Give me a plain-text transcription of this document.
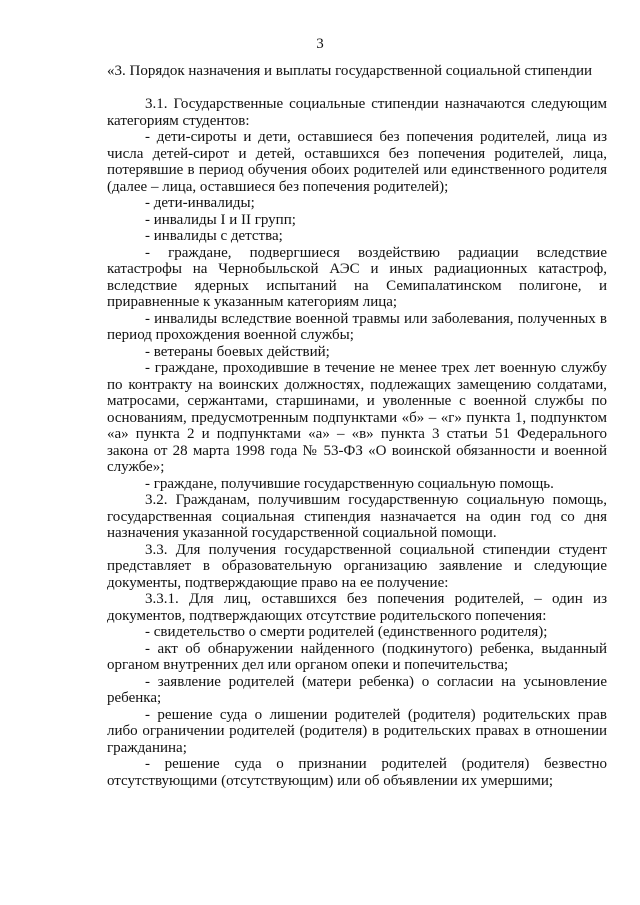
3
«3. Порядок назначения и выплаты государственной социальной стипендии

3.1. Государственные социальные стипендии назначаются следующим категориям студентов:

- дети-сироты и дети, оставшиеся без попечения родителей, лица из числа детей-сирот и детей, оставшихся без попечения родителей, лица, потерявшие в период обучения обоих родителей или единственного родителя (далее – лица, оставшиеся без попечения родителей);

- дети-инвалиды;

- инвалиды I и II групп;

- инвалиды с детства;

- граждане, подвергшиеся воздействию радиации вследствие катастрофы на Чернобыльской АЭС и иных радиационных катастроф, вследствие ядерных испытаний на Семипалатинском полигоне, и приравненные к указанным категориям лица;

- инвалиды вследствие военной травмы или заболевания, полученных в период прохождения военной службы;

- ветераны боевых действий;

- граждане, проходившие в течение не менее трех лет военную службу по контракту на воинских должностях, подлежащих замещению солдатами, матросами, сержантами, старшинами, и уволенные с военной службы по основаниям, предусмотренным подпунктами «б» – «г» пункта 1, подпунктом «а» пункта 2 и подпунктами «а» – «в» пункта 3 статьи 51 Федерального закона от 28 марта 1998 года № 53-ФЗ «О воинской обязанности и военной службе»;

- граждане, получившие государственную социальную помощь.

3.2. Гражданам, получившим государственную социальную помощь, государственная социальная стипендия назначается на один год со дня назначения указанной государственной социальной помощи.

3.3. Для получения государственной социальной стипендии студент представляет в образовательную организацию заявление и следующие документы, подтверждающие право на ее получение:

3.3.1. Для лиц, оставшихся без попечения родителей, – один из документов, подтверждающих отсутствие родительского попечения:

- свидетельство о смерти родителей (единственного родителя);

- акт об обнаружении найденного (подкинутого) ребенка, выданный органом внутренних дел или органом опеки и попечительства;

- заявление родителей (матери ребенка) о согласии на усыновление ребенка;

- решение суда о лишении родителей (родителя) родительских прав либо ограничении родителей (родителя) в родительских правах в отношении гражданина;

- решение суда о признании родителей (родителя) безвестно отсутствующими (отсутствующим) или об объявлении их умершими;
